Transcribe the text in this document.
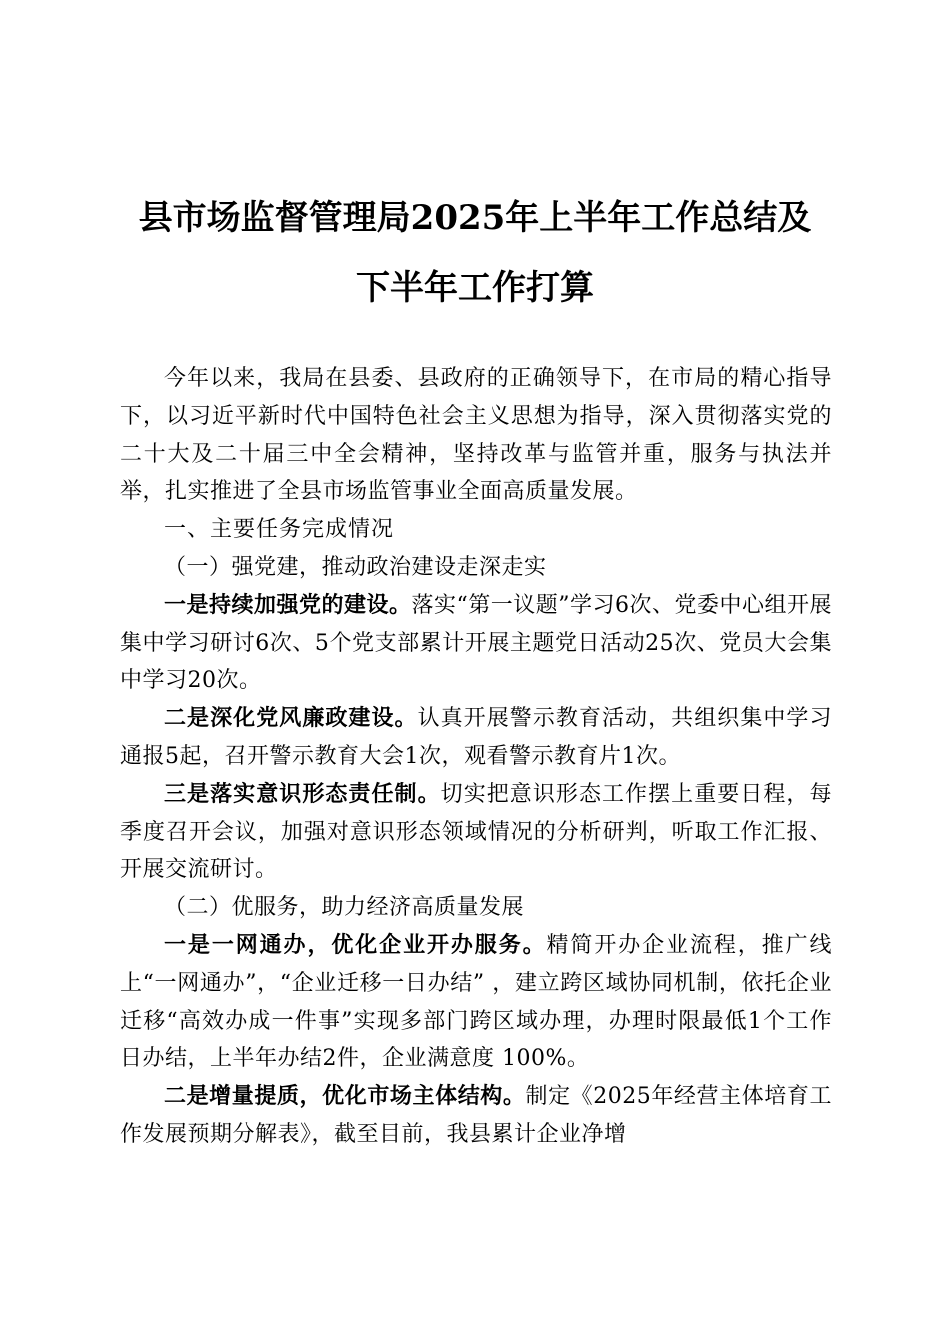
县市场监督管理局2025年上半年工作总结及
下半年工作打算

今年以来，我局在县委、县政府的正确领导下，在市局的精心指导下，以习近平新时代中国特色社会主义思想为指导，深入贯彻落实党的二十大及二十届三中全会精神，坚持改革与监管并重，服务与执法并举，扎实推进了全县市场监管事业全面高质量发展。

一、主要任务完成情况

（一）强党建，推动政治建设走深走实

一是持续加强党的建设。落实“第一议题”学习6次、党委中心组开展集中学习研讨6次、5个党支部累计开展主题党日活动25次、党员大会集中学习20次。

二是深化党风廉政建设。认真开展警示教育活动，共组织集中学习通报5起，召开警示教育大会1次，观看警示教育片1次。

三是落实意识形态责任制。切实把意识形态工作摆上重要日程，每季度召开会议，加强对意识形态领域情况的分析研判，听取工作汇报、开展交流研讨。

（二）优服务，助力经济高质量发展

一是一网通办，优化企业开办服务。精简开办企业流程，推广线上“一网通办”，“企业迁移一日办结” ，建立跨区域协同机制，依托企业迁移“高效办成一件事”实现多部门跨区域办理，办理时限最低1个工作日办结，上半年办结2件，企业满意度 100%。

二是增量提质，优化市场主体结构。制定《2025年经营主体培育工作发展预期分解表》，截至目前，我县累计企业净增
